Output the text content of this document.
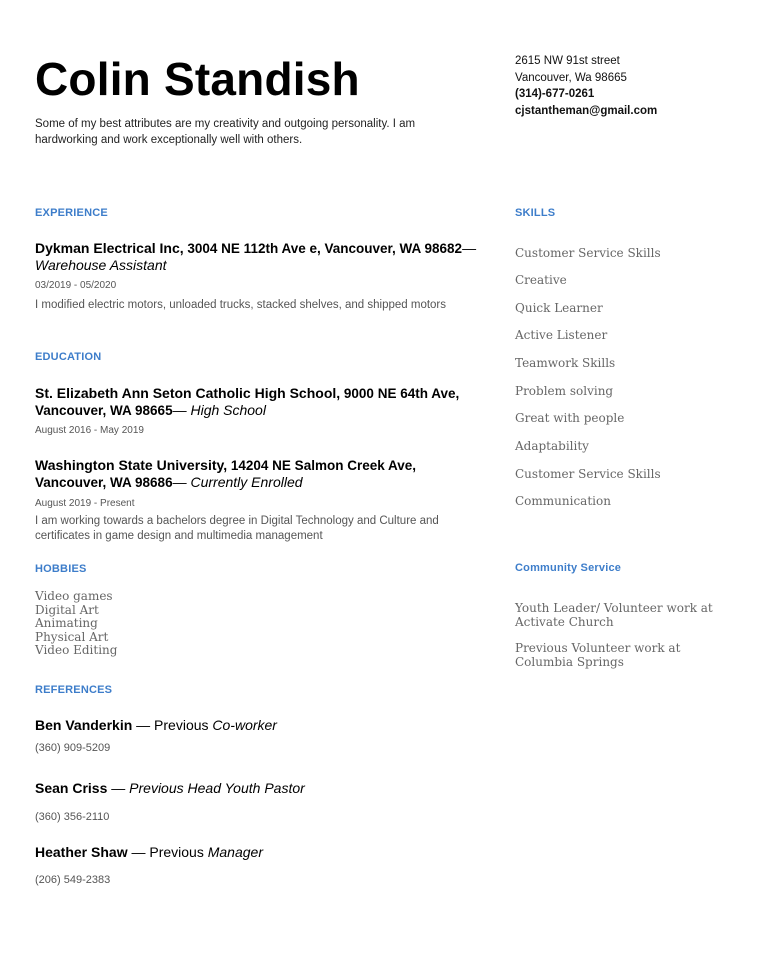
Colin Standish
Some of my best attributes are my creativity and outgoing personality. I am hardworking and work exceptionally well with others.
2615 NW 91st street
Vancouver, Wa 98665
(314)-677-0261
cjstantheman@gmail.com
EXPERIENCE
Dykman Electrical Inc, 3004 NE 112th Ave e, Vancouver, WA 98682— Warehouse Assistant
03/2019 - 05/2020
I modified electric motors, unloaded trucks, stacked shelves, and shipped motors
EDUCATION
St. Elizabeth Ann Seton Catholic High School, 9000 NE 64th Ave, Vancouver, WA 98665— High School
August 2016 - May 2019
Washington State University, 14204 NE Salmon Creek Ave, Vancouver, WA 98686— Currently Enrolled
August 2019 - Present
I am working towards a bachelors degree in Digital Technology and Culture and certificates in game design and multimedia management
HOBBIES
Video games
Digital Art
Animating
Physical Art
Video Editing
REFERENCES
Ben Vanderkin — Previous Co-worker
(360) 909-5209
Sean Criss — Previous Head Youth Pastor
(360) 356-2110
Heather Shaw — Previous Manager
(206) 549-2383
SKILLS
Customer Service Skills
Creative
Quick Learner
Active Listener
Teamwork Skills
Problem solving
Great with people
Adaptability
Customer Service Skills
Communication
Community Service
Youth Leader/ Volunteer work at Activate Church
Previous Volunteer work at Columbia Springs
